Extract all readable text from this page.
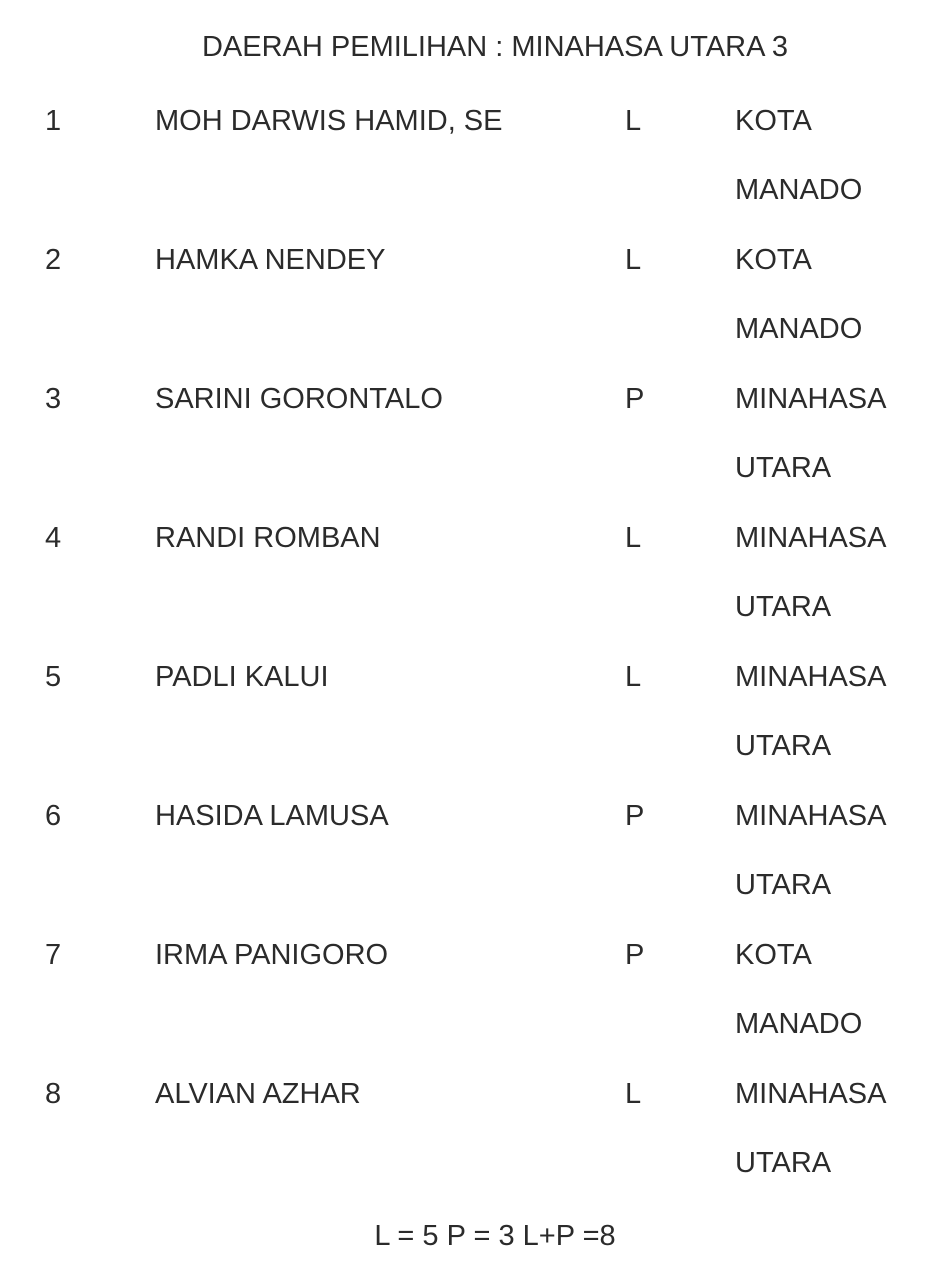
DAERAH PEMILIHAN : MINAHASA UTARA 3
1	MOH DARWIS HAMID, SE	L	KOTA
MANADO
2	HAMKA NENDEY	L	KOTA
MANADO
3	SARINI GORONTALO	P	MINAHASA
UTARA
4	RANDI ROMBAN	L	MINAHASA
UTARA
5	PADLI KALUI	L	MINAHASA
UTARA
6	HASIDA LAMUSA	P	MINAHASA
UTARA
7	IRMA PANIGORO	P	KOTA
MANADO
8	ALVIAN AZHAR	L	MINAHASA
UTARA
L = 5 P = 3 L+P =8
